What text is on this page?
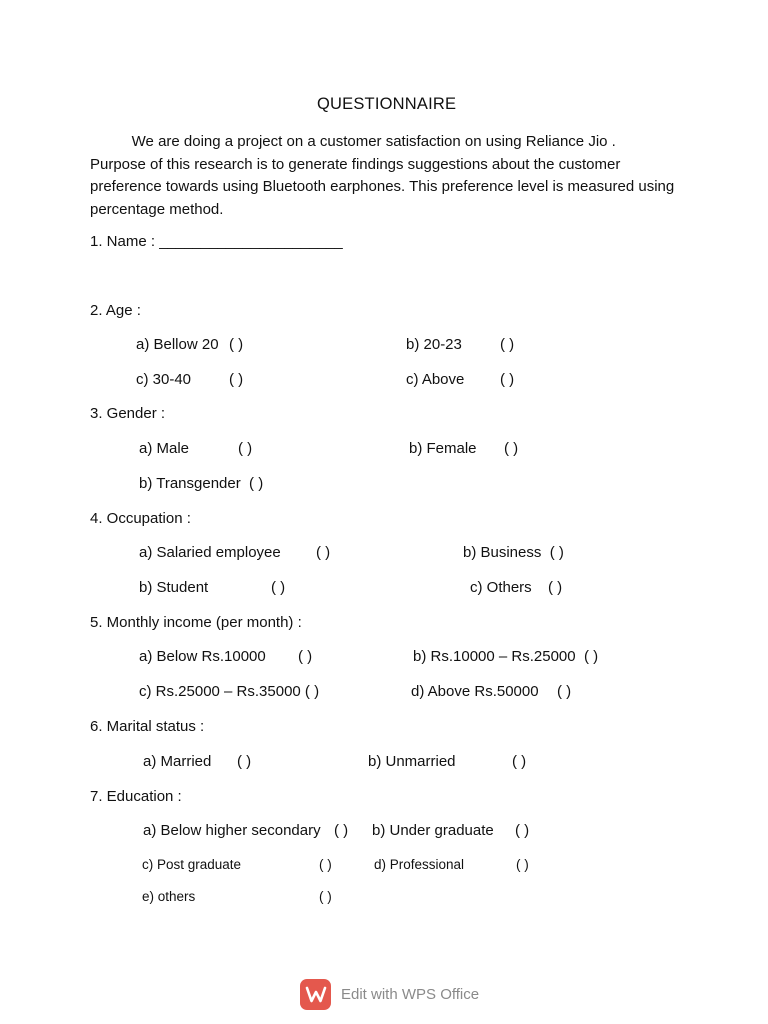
QUESTIONNAIRE

We are doing a project on a customer satisfaction on using Reliance Jio .

Purpose of this research is to generate findings suggestions about the customer

preference towards using Bluetooth earphones. This preference level is measured using

percentage method.

1. Name : ______________________
2. Age :
a) Bellow 20 ( )	b) 20-23	( )
c) 30-40	( )	c) Above ( )
3. Gender :
a) Male	( )	b) Female ( )
b) Transgender  ( )
4. Occupation :
a) Salaried employee ( )	b) Business  ( )
b) Student	( )	c) Others ( )
5. Monthly income (per month) :
a) Below Rs.10000 ( )	b) Rs.10000 – Rs.25000  ( )
c) Rs.25000 – Rs.35000 ( )	d) Above Rs.50000 ( )
6. Marital status :
a) Married ( )	b) Unmarried	( )
7. Education :
a) Below higher secondary ( ) b) Under graduate ( )
c) Post graduate	( )	d) Professional	( )
e) others	( )
Edit with WPS Office
